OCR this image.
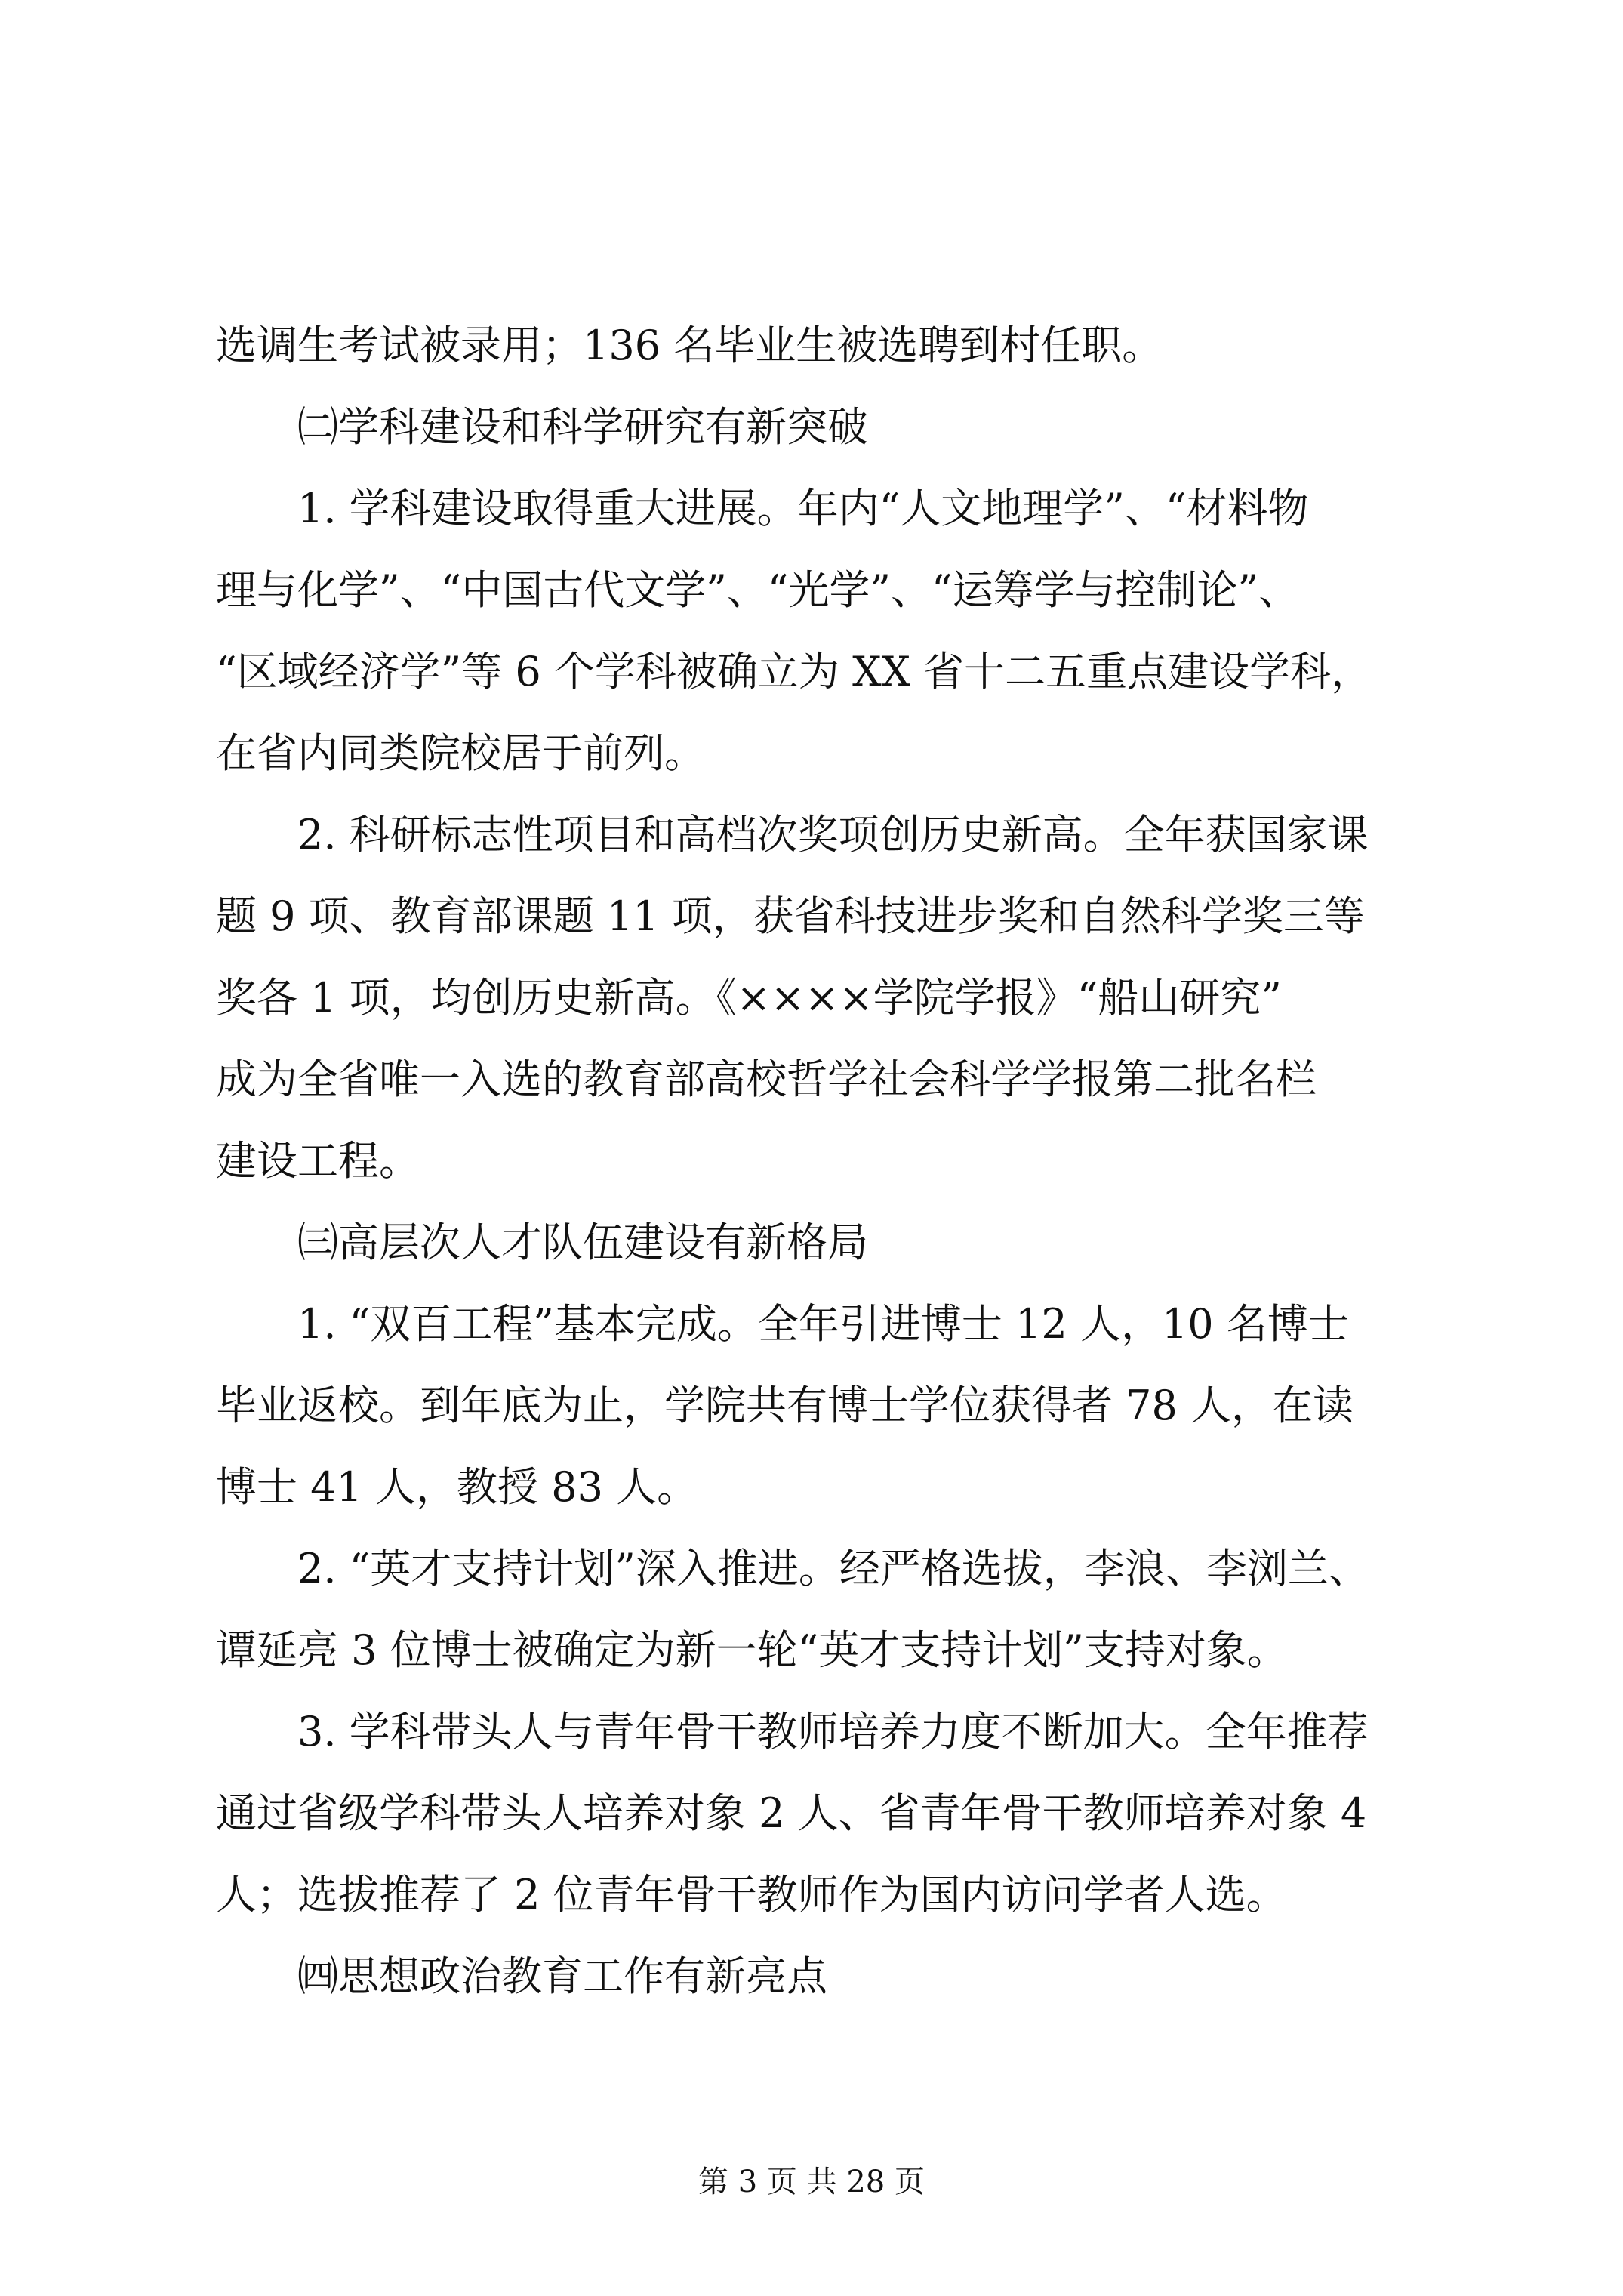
选调生考试被录用；136 名毕业生被选聘到村任职。

㈡学科建设和科学研究有新突破

1. 学科建设取得重大进展。年内“人文地理学”、“材料物
理与化学”、“中国古代文学”、“光学”、“运筹学与控制论”、
“区域经济学”等 6 个学科被确立为 XX 省十二五重点建设学科，
在省内同类院校居于前列。

2. 科研标志性项目和高档次奖项创历史新高。全年获国家课
题 9 项、教育部课题 11 项，获省科技进步奖和自然科学奖三等
奖各 1 项，均创历史新高。《××××学院学报》“船山研究”
成为全省唯一入选的教育部高校哲学社会科学学报第二批名栏
建设工程。

㈢高层次人才队伍建设有新格局

1. “双百工程”基本完成。全年引进博士 12 人，10 名博士
毕业返校。到年底为止，学院共有博士学位获得者 78 人，在读
博士 41 人，教授 83 人。

2. “英才支持计划”深入推进。经严格选拔，李浪、李浏兰、
谭延亮 3 位博士被确定为新一轮“英才支持计划”支持对象。

3. 学科带头人与青年骨干教师培养力度不断加大。全年推荐
通过省级学科带头人培养对象 2 人、省青年骨干教师培养对象 4
人；选拔推荐了 2 位青年骨干教师作为国内访问学者人选。

㈣思想政治教育工作有新亮点

第 3 页 共 28 页
